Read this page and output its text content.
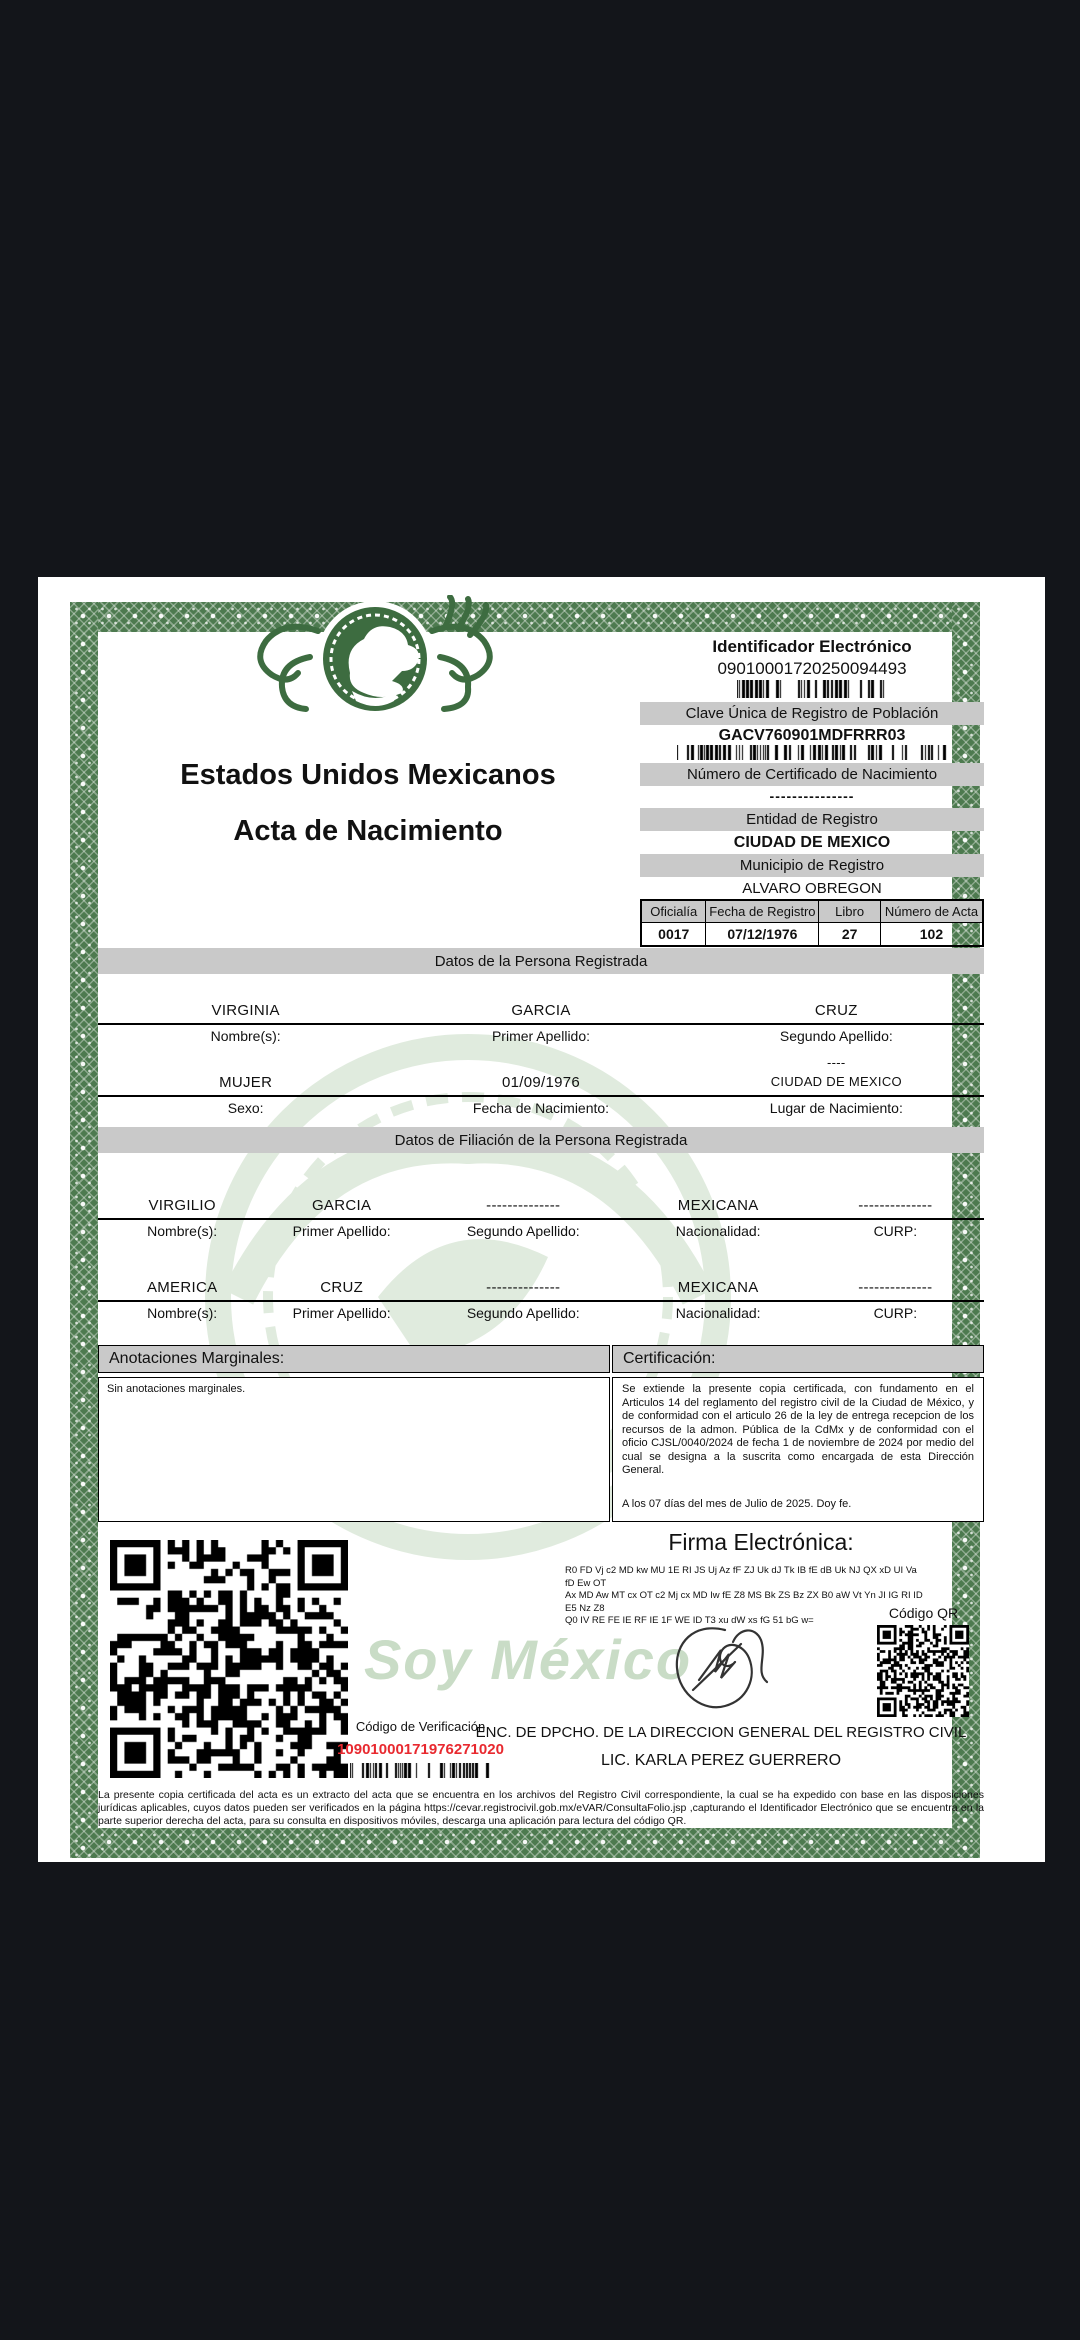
Estados Unidos Mexicanos
Acta de Nacimiento
Identificador Electrónico
09010001720250094493
Clave Única de Registro de Población
GACV760901MDFRRR03
Número de Certificado de Nacimiento
---------------
Entidad de Registro
CIUDAD DE MEXICO
Municipio de Registro
ALVARO OBREGON
Oficialía	Fecha de Registro	Libro	Número de Acta
0017	07/12/1976	27	102
Datos de la Persona Registrada
VIRGINIA	GARCIA	CRUZ
Nombre(s):	Primer Apellido:	Segundo Apellido:
----
MUJER	01/09/1976	CIUDAD DE MEXICO
Sexo:	Fecha de Nacimiento:	Lugar de Nacimiento:
Datos de Filiación de la Persona Registrada
VIRGILIO	GARCIA	--------------	MEXICANA	--------------
Nombre(s):	Primer Apellido:	Segundo Apellido:	Nacionalidad:	CURP:
AMERICA	CRUZ	--------------	MEXICANA	--------------
Nombre(s):	Primer Apellido:	Segundo Apellido:	Nacionalidad:	CURP:
Anotaciones Marginales:
Sin anotaciones marginales.
Certificación:
Se extiende la presente copia certificada, con fundamento en el Articulos 14 del reglamento del registro civil de la Ciudad de México, y de conformidad con el articulo 26 de la ley de entrega recepcion de los recursos de la admon. Pública de la CdMx y de conformidad con el oficio CJSL/0040/2024 de fecha 1 de noviembre de 2024 por medio del cual se designa a la suscrita como encargada de esta Dirección General.
A los 07 días del mes de Julio de 2025. Doy fe.
Firma Electrónica:
R0 FD Vj c2 MD kw MU 1E RI JS Uj Az fF ZJ Uk dJ Tk IB fE dB Uk NJ QX xD UI Va fD Ew OT
Ax MD Aw MT cx OT c2 Mj cx MD Iw fE Z8 MS Bk ZS Bz ZX B0 aW Vt Yn JI IG RI ID E5 Nz Z8
Q0 IV RE FE IE RF IE 1F WE ID T3 xu dW xs fG 51 bG w=
Soy México
Código QR
Código de Verificación
10901000171976271020
ENC. DE DPCHO. DE LA DIRECCION GENERAL DEL REGISTRO CIVIL
LIC. KARLA PEREZ GUERRERO
La presente copia certificada del acta es un extracto del acta que se encuentra en los archivos del Registro Civil correspondiente, la cual se ha expedido con base en las disposiciones jurídicas aplicables, cuyos datos pueden ser verificados en la página https://cevar.registrocivil.gob.mx/eVAR/ConsultaFolio.jsp ,capturando el Identificador Electrónico que se encuentra en la parte superior derecha del acta, para su consulta en dispositivos móviles, descarga una aplicación para lectura del código QR.
